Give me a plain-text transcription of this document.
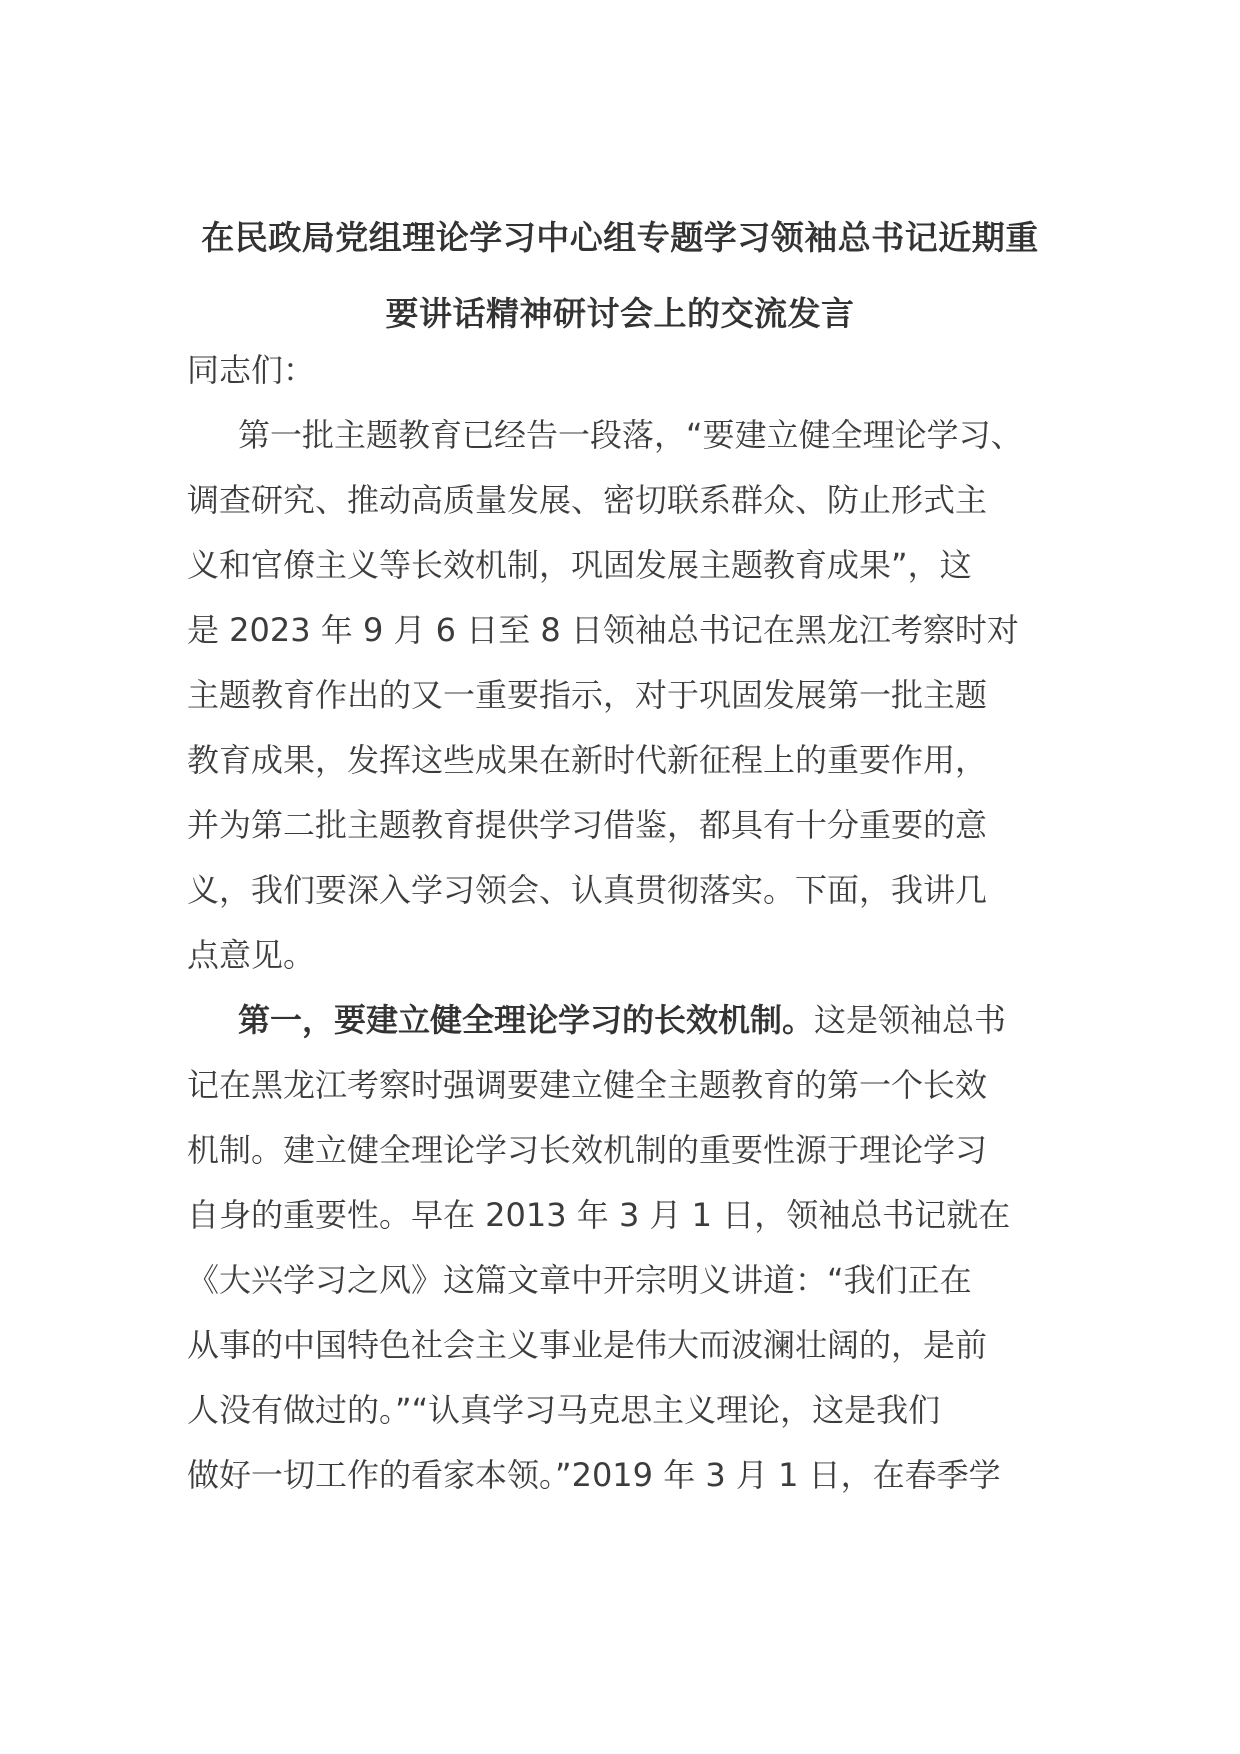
在民政局党组理论学习中心组专题学习领袖总书记近期重
要讲话精神研讨会上的交流发言
同志们：
第一批主题教育已经告一段落，“要建立健全理论学习、
调查研究、推动高质量发展、密切联系群众、防止形式主
义和官僚主义等长效机制，巩固发展主题教育成果”，这
是 2023 年 9 月 6 日至 8 日领袖总书记在黑龙江考察时对
主题教育作出的又一重要指示，对于巩固发展第一批主题
教育成果，发挥这些成果在新时代新征程上的重要作用，
并为第二批主题教育提供学习借鉴，都具有十分重要的意
义，我们要深入学习领会、认真贯彻落实。下面，我讲几
点意见。
第一，要建立健全理论学习的长效机制。这是领袖总书
记在黑龙江考察时强调要建立健全主题教育的第一个长效
机制。建立健全理论学习长效机制的重要性源于理论学习
自身的重要性。早在 2013 年 3 月 1 日，领袖总书记就在
《大兴学习之风》这篇文章中开宗明义讲道：“我们正在
从事的中国特色社会主义事业是伟大而波澜壮阔的，是前
人没有做过的。”“认真学习马克思主义理论，这是我们
做好一切工作的看家本领。”2019 年 3 月 1 日，在春季学
